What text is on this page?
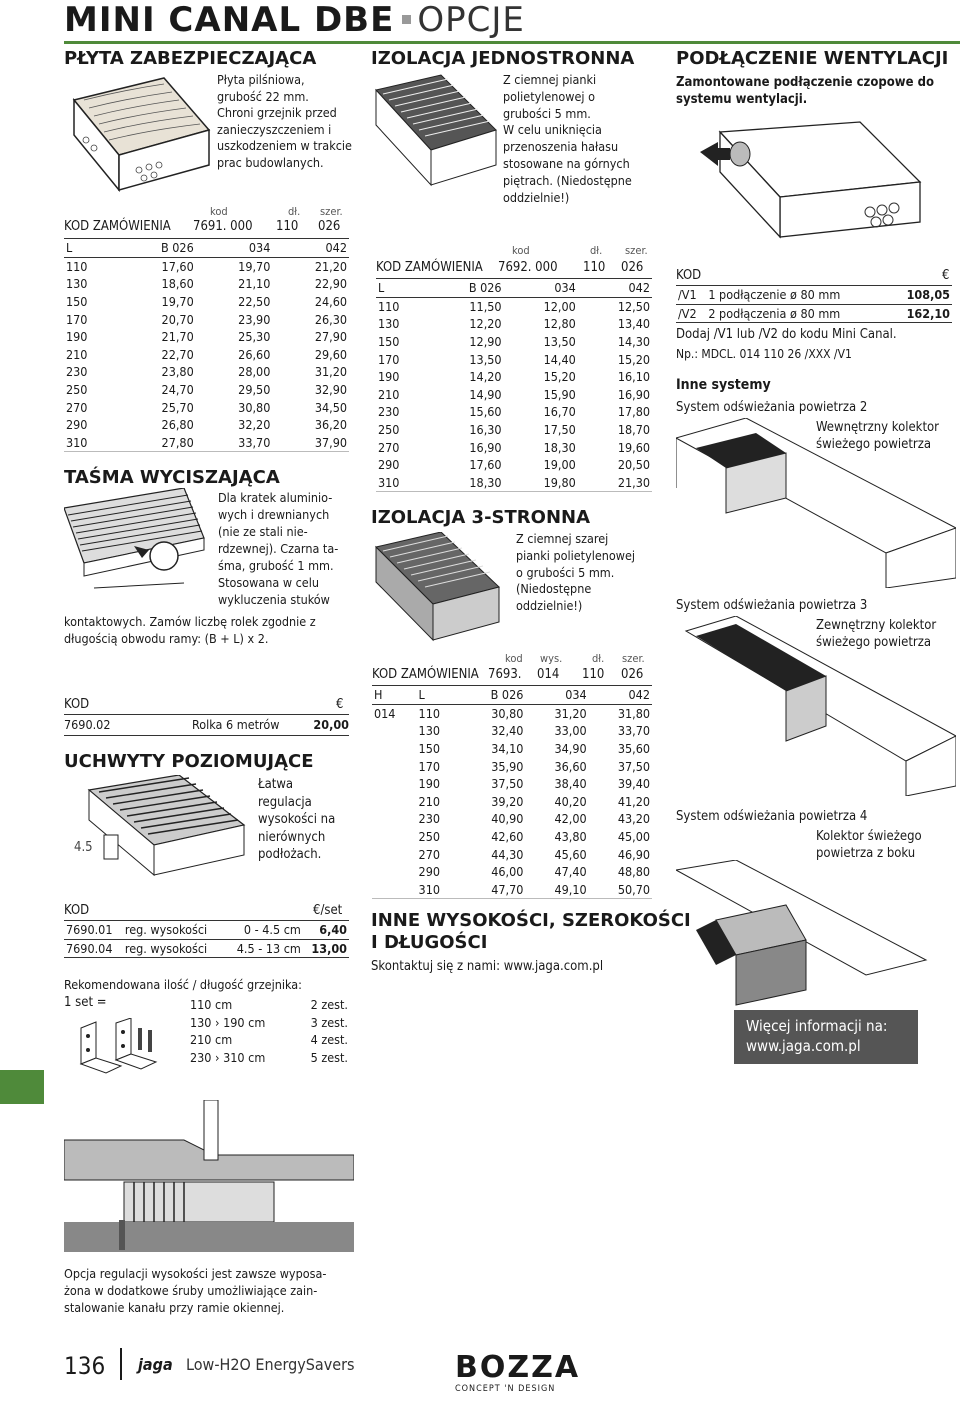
MINI CANAL DBE OPCJE
PŁYTA ZABEZPIECZAJĄCA
Płyta pilśniowa,
grubość 22 mm.
Chroni grzejnik przed
zanieczyszczeniem i
uszkodzeniem w trakcie
prac budowlanych.
kod	dł. szer.
KOD ZAMÓWIENIA 7691. 000 110 026
L	B 026	034	042
110	17,60	19,70	21,20
130	18,60	21,10	22,90
150	19,70	22,50	24,60
170	20,70	23,90	26,30
190	21,70	25,30	27,90
210	22,70	26,60	29,60
230	23,80	28,00	31,20
250	24,70	29,50	32,90
270	25,70	30,80	34,50
290	26,80	32,20	36,20
310	27,80	33,70	37,90
TAŚMA WYCISZAJĄCA
Dla kratek aluminio-
wych i drewnianych
(nie ze stali nie-
rdzewnej). Czarna ta-
śma, grubość 1 mm.
Stosowana w celu
wykluczenia stuków
kontaktowych. Zamów liczbę rolek zgodnie z
długością obwodu ramy: (B + L) x 2.
KOD	€
7690.02	Rolka 6 metrów	20,00
UCHWYTY POZIOMUJĄCE
4.5
Łatwa
regulacja
wysokości na
nierównych
podłożach.
KOD	€/set
7690.01	reg. wysokości	0 - 4.5 cm	6,40
7690.04	reg. wysokości	4.5 - 13 cm	13,00
Rekomendowana ilość / długość grzejnika:
1 set =	110 cm	2 zest.
130 › 190 cm	3 zest.
210 cm	4 zest.
230 › 310 cm	5 zest.
Opcja regulacji wysokości jest zawsze wyposa-
żona w dodatkowe śruby umożliwiające zain-
stalowanie kanału przy ramie okiennej.
IZOLACJA JEDNOSTRONNA
Z ciemnej pianki
polietylenowej o
grubości 5 mm.
W celu uniknięcia
przenoszenia hałasu
stosowane na górnych
piętrach. (Niedostępne
oddzielnie!)
kod	dł. szer.
KOD ZAMÓWIENIA 7692. 000 110 026
L	B 026	034	042
110	11,50	12,00	12,50
130	12,20	12,80	13,40
150	12,90	13,50	14,30
170	13,50	14,40	15,20
190	14,20	15,20	16,10
210	14,90	15,90	16,90
230	15,60	16,70	17,80
250	16,30	17,50	18,70
270	16,90	18,30	19,60
290	17,60	19,00	20,50
310	18,30	19,80	21,30
IZOLACJA 3-STRONNA
Z ciemnej szarej
pianki polietylenowej
o grubości 5 mm.
(Niedostępne
oddzielnie!)
kod wys.	dł. szer.
KOD ZAMÓWIENIA 7693. 014 110 026
H	L	B 026	034	042
014	110	30,80	31,20	31,80
	130	32,40	33,00	33,70
	150	34,10	34,90	35,60
	170	35,90	36,60	37,50
	190	37,50	38,40	39,40
	210	39,20	40,20	41,20
	230	40,90	42,00	43,20
	250	42,60	43,80	45,00
	270	44,30	45,60	46,90
	290	46,00	47,40	48,80
	310	47,70	49,10	50,70
INNE WYSOKOŚCI, SZEROKOŚCI
I DŁUGOŚCI
Skontaktuj się z nami: www.jaga.com.pl
PODŁĄCZENIE WENTYLACJI
Zamontowane podłączenie czopowe do
systemu wentylacji.
KOD	€
/V1	1 podłączenie ø 80 mm	108,05
/V2	2 podłączenia ø 80 mm	162,10
Dodaj /V1 lub /V2 do kodu Mini Canal.
Np.: MDCL. 014 110 26 /XXX /V1
Inne systemy
System odświeżania powietrza 2
Wewnętrzny kolektor
świeżego powietrza
System odświeżania powietrza 3
Zewnętrzny kolektor
świeżego powietrza
System odświeżania powietrza 4
Kolektor świeżego
powietrza z boku
Więcej informacji na:
www.jaga.com.pl
136 jaga Low-H2O EnergySavers	BOZZA
CONCEPT 'N DESIGN
